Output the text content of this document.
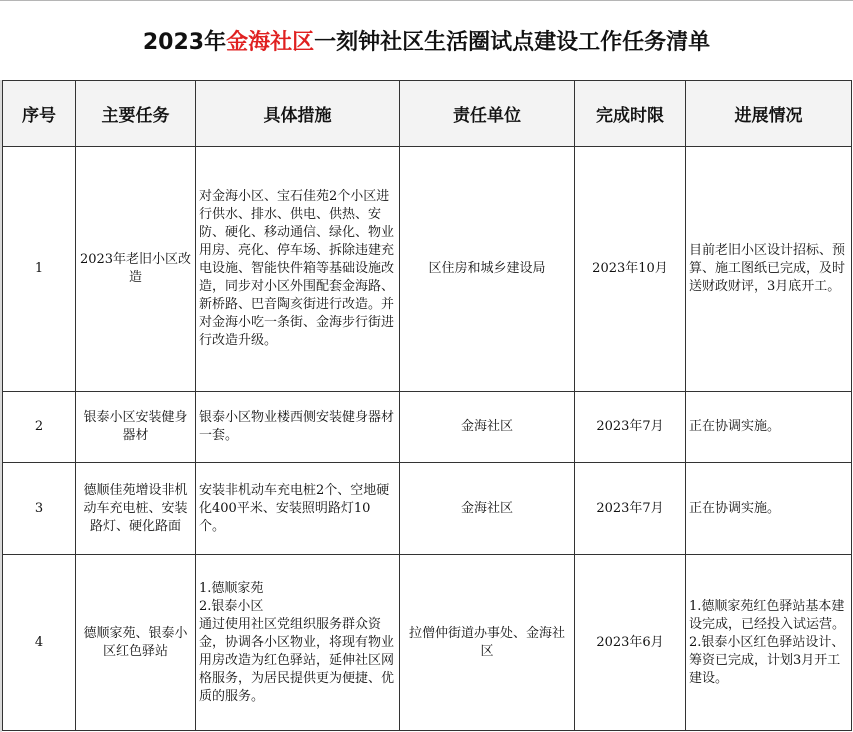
2023年 金海社区 一刻钟社区生活圈试点建设工作任务清单
序号	主要任务	具体措施	责任单位	完成时限	进展情况
1	2023年老旧小区改造	对金海小区、宝石佳苑2个小区进行供水、排水、供电、供热、安防、硬化、移动通信、绿化、物业用房、亮化、停车场、拆除违建充电设施、智能快件箱等基础设施改造，同步对小区外围配套金海路、新桥路、巴音陶亥街进行改造。并对金海小吃一条街、金海步行街进行改造升级。	区住房和城乡建设局	2023年10月	目前老旧小区设计招标、预算、施工图纸已完成，及时送财政财评，3月底开工。
2	银泰小区安装健身器材	银泰小区物业楼西侧安装健身器材一套。	金海社区	2023年7月	正在协调实施。
3	德顺佳苑增设非机动车充电桩、安装路灯、硬化路面	安装非机动车充电桩2个、空地硬化400平米、安装照明路灯10个。	金海社区	2023年7月	正在协调实施。
4	德顺家苑、银泰小区红色驿站	1.德顺家苑
2.银泰小区
通过使用社区党组织服务群众资金，协调各小区物业，将现有物业用房改造为红色驿站，延伸社区网格服务，为居民提供更为便捷、优质的服务。	拉僧仲街道办事处、金海社区	2023年6月	1.德顺家苑红色驿站基本建设完成，已经投入试运营。
2.银泰小区红色驿站设计、筹资已完成，计划3月开工建设。
